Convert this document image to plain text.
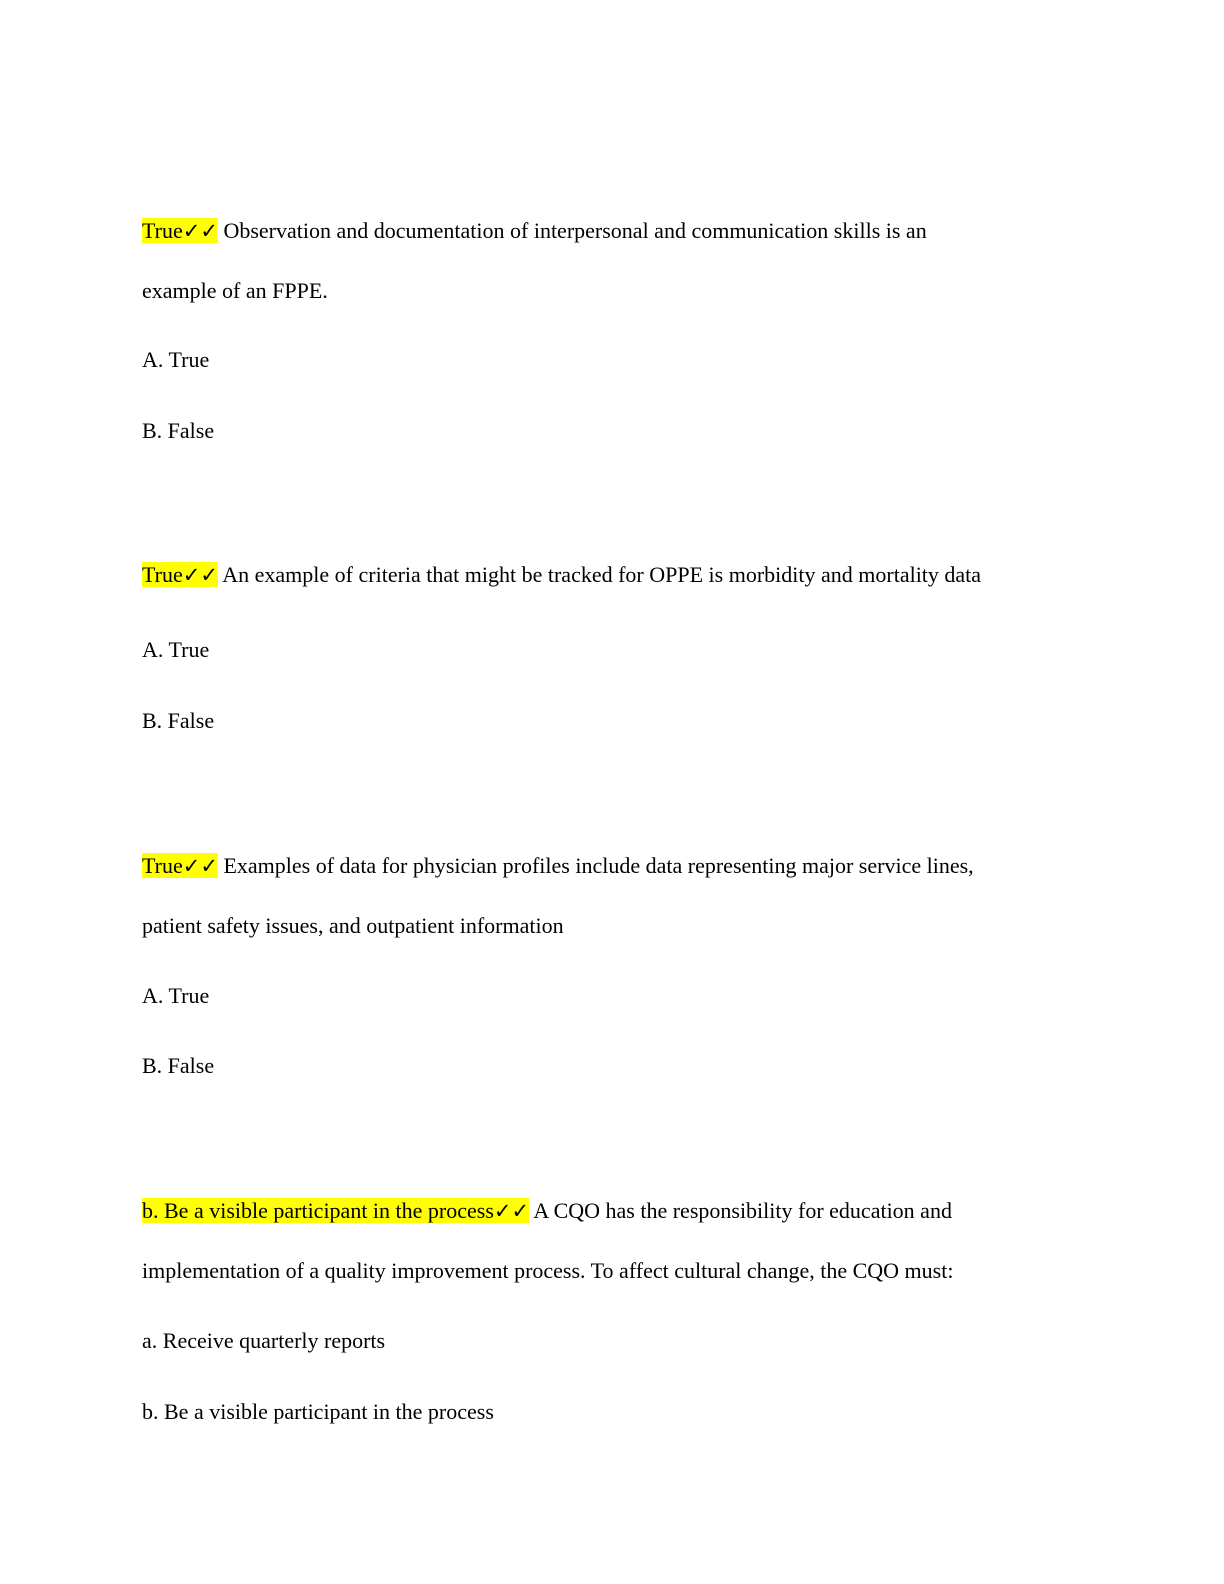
True✓✓ Observation and documentation of interpersonal and communication skills is an
example of an FPPE.
A. True
B. False
True✓✓ An example of criteria that might be tracked for OPPE is morbidity and mortality data
A. True
B. False
True✓✓ Examples of data for physician profiles include data representing major service lines,
patient safety issues, and outpatient information
A. True
B. False
b. Be a visible participant in the process✓✓ A CQO has the responsibility for education and
implementation of a quality improvement process. To affect cultural change, the CQO must:
a. Receive quarterly reports
b. Be a visible participant in the process
